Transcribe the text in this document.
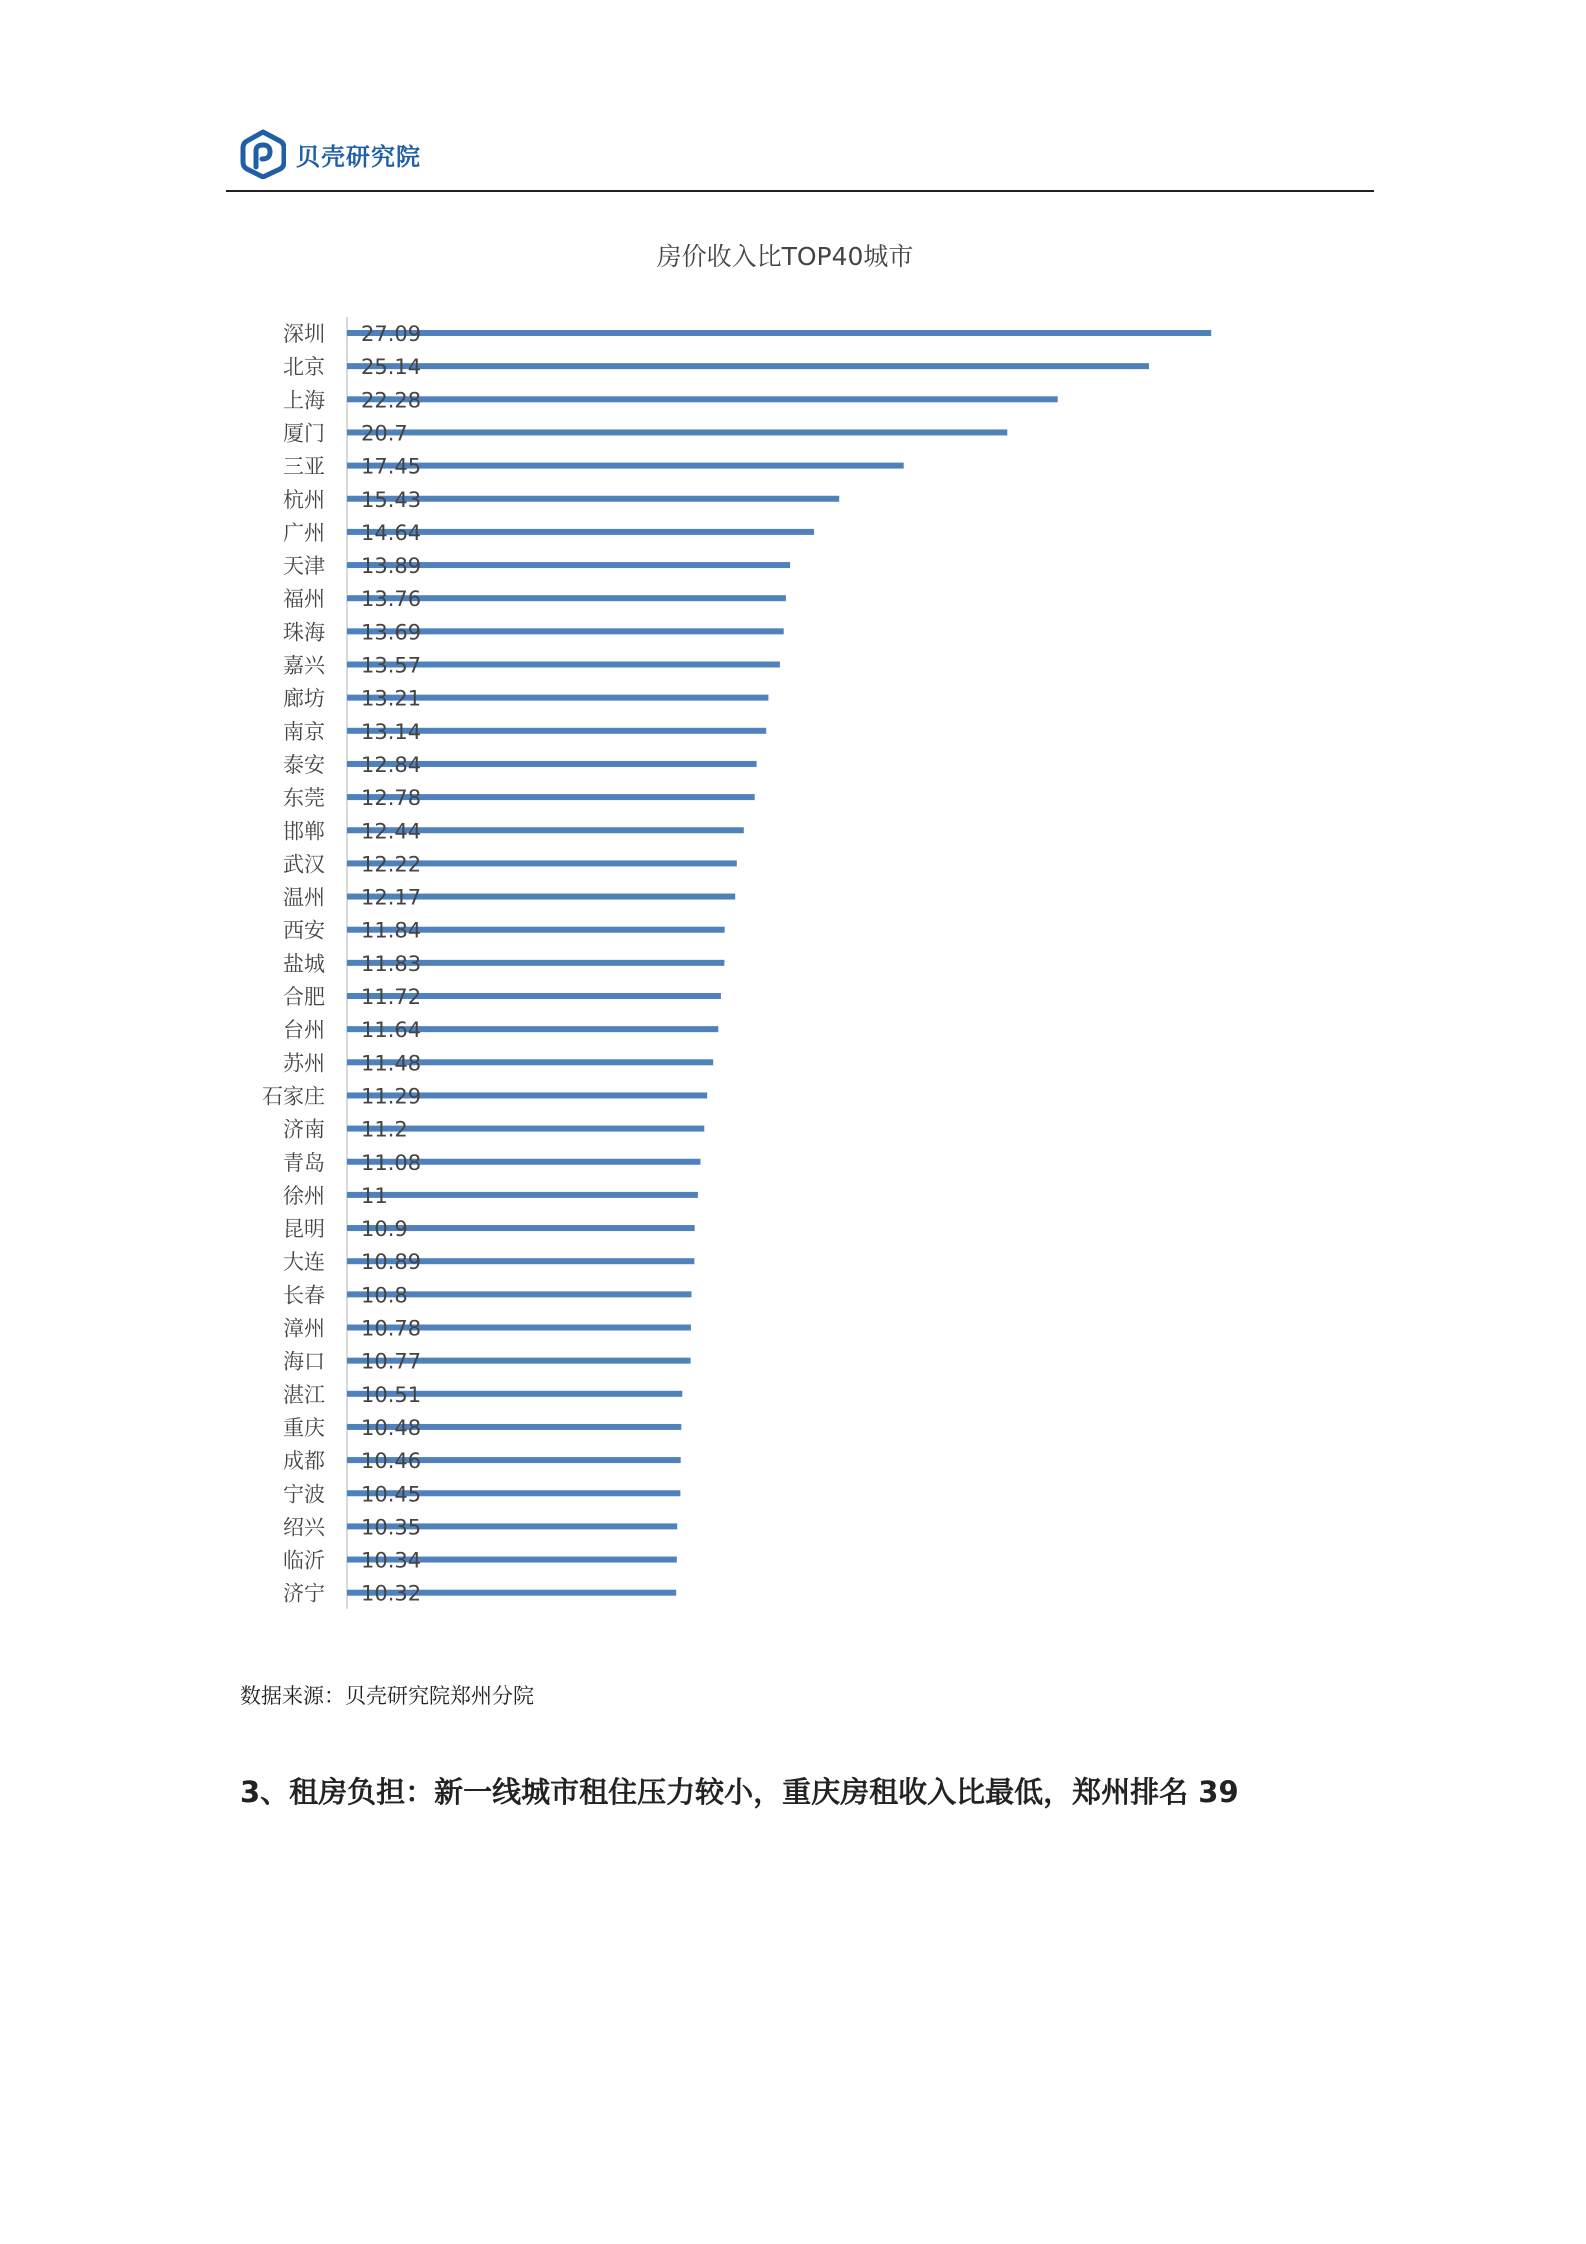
贝壳研究院
房价收入比TOP40城市
深圳 27.09
北京 25.14
上海 22.28
厦门 20.7
三亚 17.45
杭州 15.43
广州 14.64
天津 13.89
福州 13.76
珠海 13.69
嘉兴 13.57
廊坊 13.21
南京 13.14
泰安 12.84
东莞 12.78
邯郸 12.44
武汉 12.22
温州 12.17
西安 11.84
盐城 11.83
合肥 11.72
台州 11.64
苏州 11.48
石家庄 11.29
济南 11.2
青岛 11.08
徐州 11
昆明 10.9
大连 10.89
长春 10.8
漳州 10.78
海口 10.77
湛江 10.51
重庆 10.48
成都 10.46
宁波 10.45
绍兴 10.35
临沂 10.34
济宁 10.32
数据来源：贝壳研究院郑州分院
3、租房负担：新一线城市租住压力较小，重庆房租收入比最低，郑州排名 39
